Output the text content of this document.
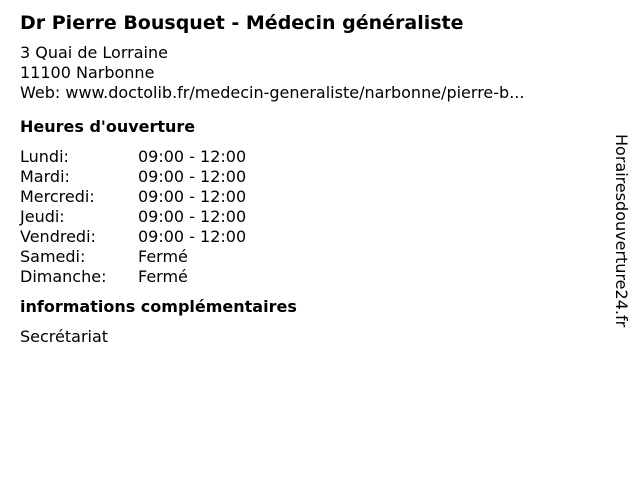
Dr Pierre Bousquet - Médecin généraliste
3 Quai de Lorraine
11100 Narbonne
Web: www.doctolib.fr/medecin-generaliste/narbonne/pierre-b...
Heures d'ouverture
Lundi:	09:00 - 12:00
Mardi:	09:00 - 12:00
Mercredi:	09:00 - 12:00
Jeudi:	09:00 - 12:00
Vendredi:	09:00 - 12:00
Samedi:	Fermé
Dimanche:	Fermé
informations complémentaires
Secrétariat
Horairesdouverture24.fr
